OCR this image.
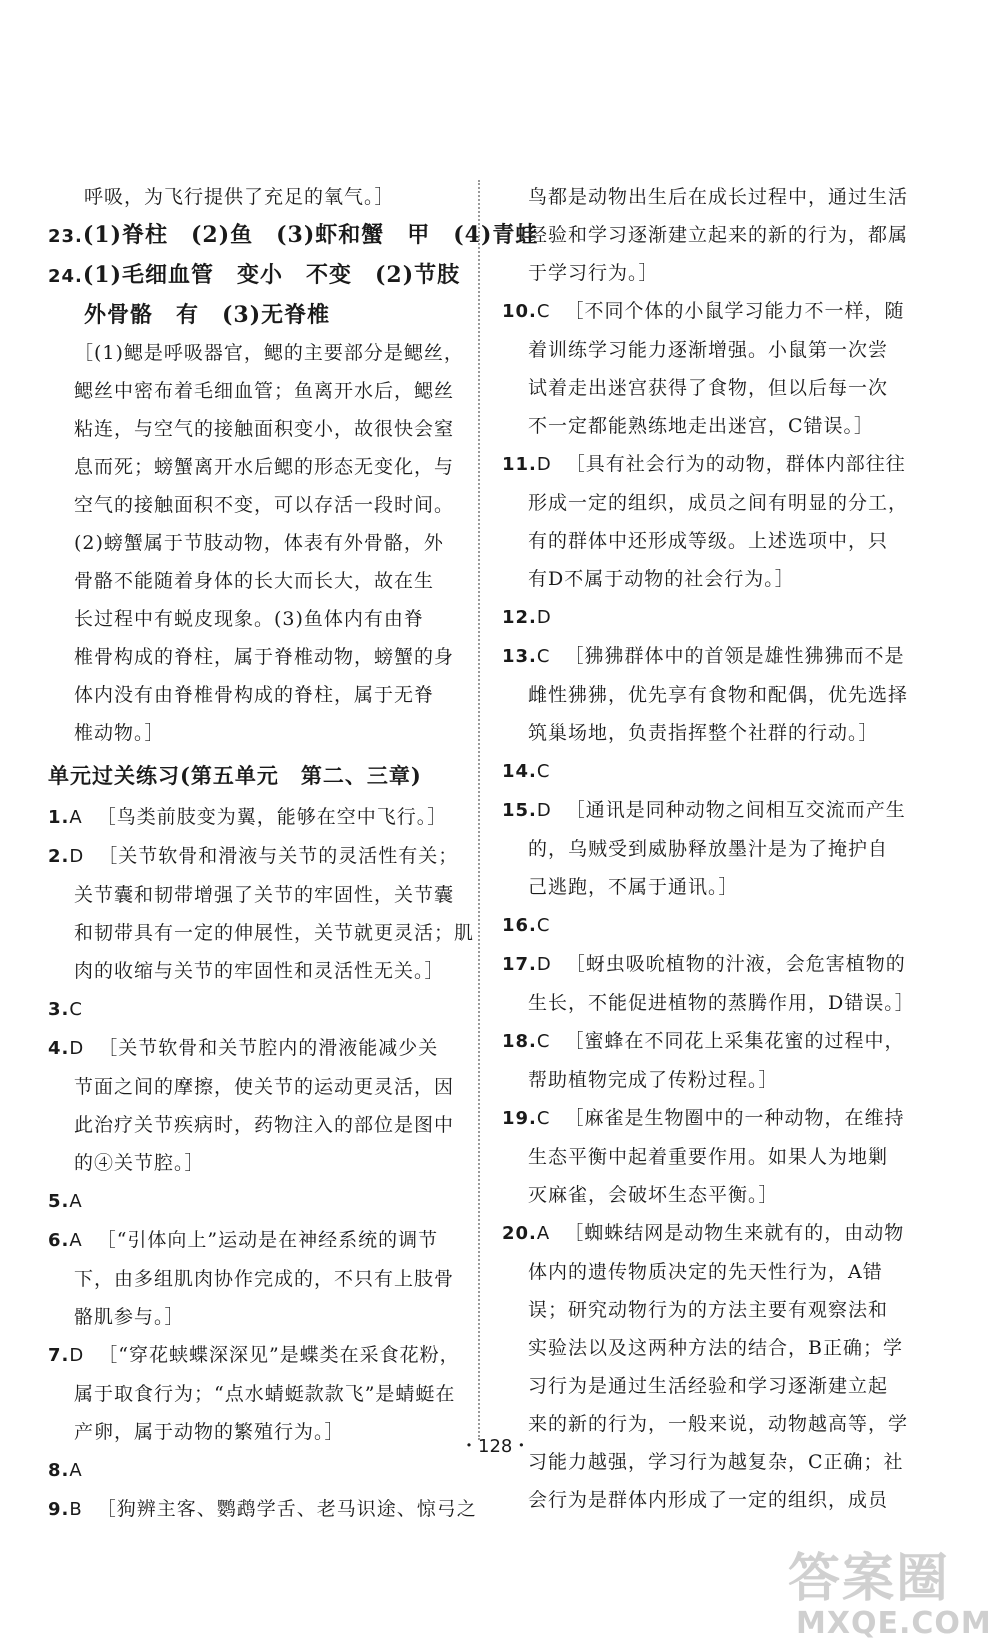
呼吸，为飞行提供了充足的氧气。］

23.(1)脊柱　(2)鱼　(3)虾和蟹　甲　(4)青蛙

24.(1)毛细血管　变小　不变　(2)节肢

外骨骼　有　(3)无脊椎

［(1)鳃是呼吸器官，鳃的主要部分是鳃丝，

鳃丝中密布着毛细血管；鱼离开水后，鳃丝

粘连，与空气的接触面积变小，故很快会窒

息而死；螃蟹离开水后鳃的形态无变化，与

空气的接触面积不变，可以存活一段时间。

(2)螃蟹属于节肢动物，体表有外骨骼，外

骨骼不能随着身体的长大而长大，故在生

长过程中有蜕皮现象。(3)鱼体内有由脊

椎骨构成的脊柱，属于脊椎动物，螃蟹的身

体内没有由脊椎骨构成的脊柱，属于无脊

椎动物。］

单元过关练习(第五单元　第二、三章)

1.A ［鸟类前肢变为翼，能够在空中飞行。］

2.D ［关节软骨和滑液与关节的灵活性有关；

关节囊和韧带增强了关节的牢固性，关节囊

和韧带具有一定的伸展性，关节就更灵活；肌

肉的收缩与关节的牢固性和灵活性无关。］

3.C

4.D ［关节软骨和关节腔内的滑液能减少关

节面之间的摩擦，使关节的运动更灵活，因

此治疗关节疾病时，药物注入的部位是图中

的④关节腔。］

5.A

6.A ［“引体向上”运动是在神经系统的调节

下，由多组肌肉协作完成的，不只有上肢骨

骼肌参与。］

7.D ［“穿花蛱蝶深深见”是蝶类在采食花粉，

属于取食行为；“点水蜻蜓款款飞”是蜻蜓在

产卵，属于动物的繁殖行为。］

8.A

9.B ［狗辨主客、鹦鹉学舌、老马识途、惊弓之

鸟都是动物出生后在成长过程中，通过生活

经验和学习逐渐建立起来的新的行为，都属

于学习行为。］

10.C ［不同个体的小鼠学习能力不一样，随

着训练学习能力逐渐增强。小鼠第一次尝

试着走出迷宫获得了食物，但以后每一次

不一定都能熟练地走出迷宫，C错误。］

11.D ［具有社会行为的动物，群体内部往往

形成一定的组织，成员之间有明显的分工，

有的群体中还形成等级。上述选项中，只

有D不属于动物的社会行为。］

12.D

13.C ［狒狒群体中的首领是雄性狒狒而不是

雌性狒狒，优先享有食物和配偶，优先选择

筑巢场地，负责指挥整个社群的行动。］

14.C

15.D ［通讯是同种动物之间相互交流而产生

的，乌贼受到威胁释放墨汁是为了掩护自

己逃跑，不属于通讯。］

16.C

17.D ［蚜虫吸吮植物的汁液，会危害植物的

生长，不能促进植物的蒸腾作用，D错误。］

18.C ［蜜蜂在不同花上采集花蜜的过程中，

帮助植物完成了传粉过程。］

19.C ［麻雀是生物圈中的一种动物，在维持

生态平衡中起着重要作用。如果人为地剿

灭麻雀，会破坏生态平衡。］

20.A ［蜘蛛结网是动物生来就有的，由动物

体内的遗传物质决定的先天性行为，A错

误；研究动物行为的方法主要有观察法和

实验法以及这两种方法的结合，B正确；学

习行为是通过生活经验和学习逐渐建立起

来的新的行为，一般来说，动物越高等，学

习能力越强，学习行为越复杂，C正确；社

会行为是群体内形成了一定的组织，成员

・128・
答案圈
MXQE.COM
